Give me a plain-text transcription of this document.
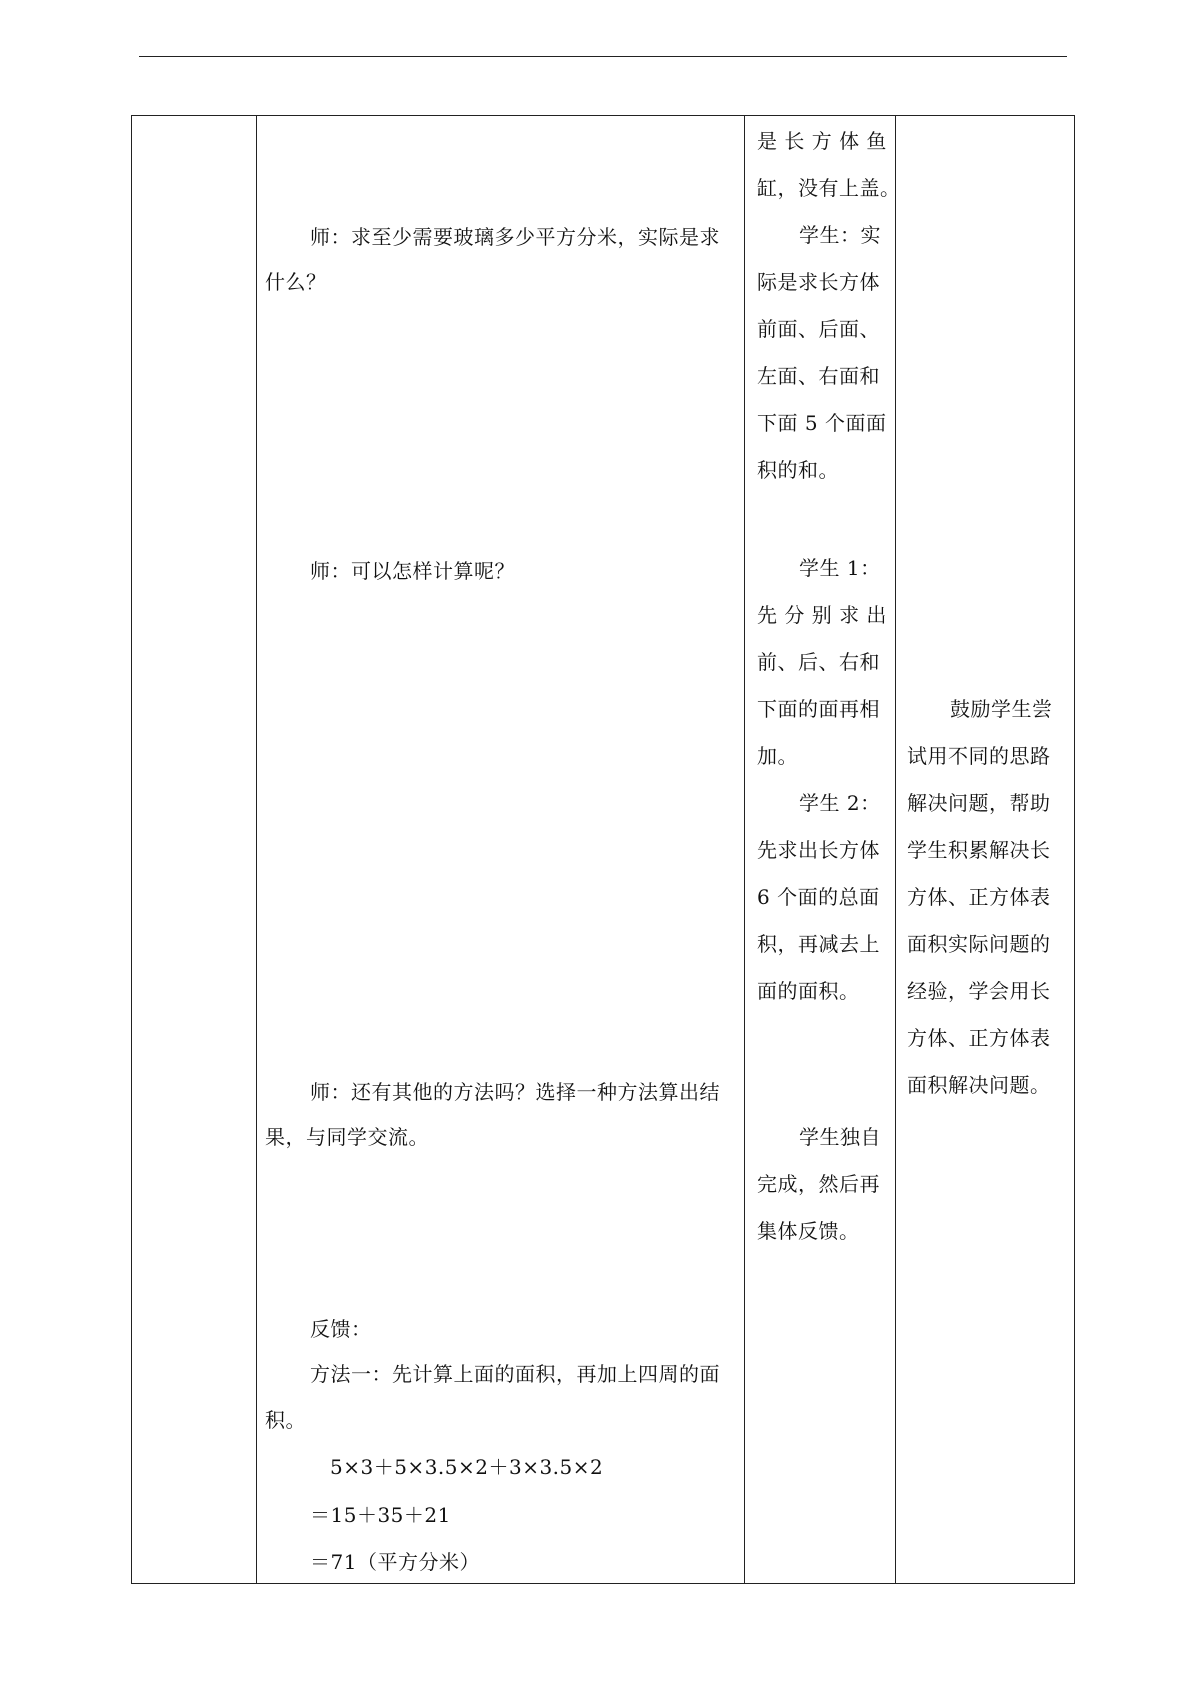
师：求至少需要玻璃多少平方分米，实际是求

什么？

师：可以怎样计算呢？

师：还有其他的方法吗？选择一种方法算出结

果，与同学交流。

反馈：

方法一：先计算上面的面积，再加上四周的面

积。

5×3＋5×3.5×2＋3×3.5×2

＝15＋35＋21

＝71（平方分米）

是 长 方 体 鱼

缸，没有上盖。

学生：实

际是求长方体

前面、后面、

左面、右面和

下面 5 个面面

积的和。

学生 1：

先 分 别 求 出

前、后、右和

下面的面再相

加。

学生 2：

先求出长方体

6 个面的总面

积，再减去上

面的面积。

学生独自

完成，然后再

集体反馈。

鼓励学生尝

试用不同的思路

解决问题，帮助

学生积累解决长

方体、正方体表

面积实际问题的

经验，学会用长

方体、正方体表

面积解决问题。
